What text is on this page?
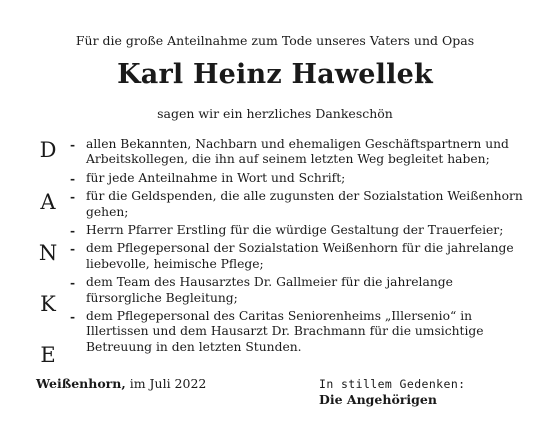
Für die große Anteilnahme zum Tode unseres Vaters und Opas
Karl Heinz Hawellek
sagen wir ein herzliches Dankeschön
D
A
N
K
E
- allen Bekannten, Nachbarn und ehemaligen Geschäftspartnern und Arbeitskollegen, die ihn auf seinem letzten Weg begleitet haben;
- für jede Anteilnahme in Wort und Schrift;
- für die Geldspenden, die alle zugunsten der Sozialstation Weißenhorn gehen;
- Herrn Pfarrer Erstling für die würdige Gestaltung der Trauerfeier;
- dem Pflegepersonal der Sozialstation Weißenhorn für die jahrelange liebevolle, heimische Pflege;
- dem Team des Hausarztes Dr. Gallmeier für die jahrelange fürsorgliche Begleitung;
- dem Pflegepersonal des Caritas Seniorenheims „Illersenio“ in Illertissen und dem Hausarzt Dr. Brachmann für die umsichtige Betreuung in den letzten Stunden.
Weißenhorn, im Juli 2022	In stillem Gedenken:
Die Angehörigen
